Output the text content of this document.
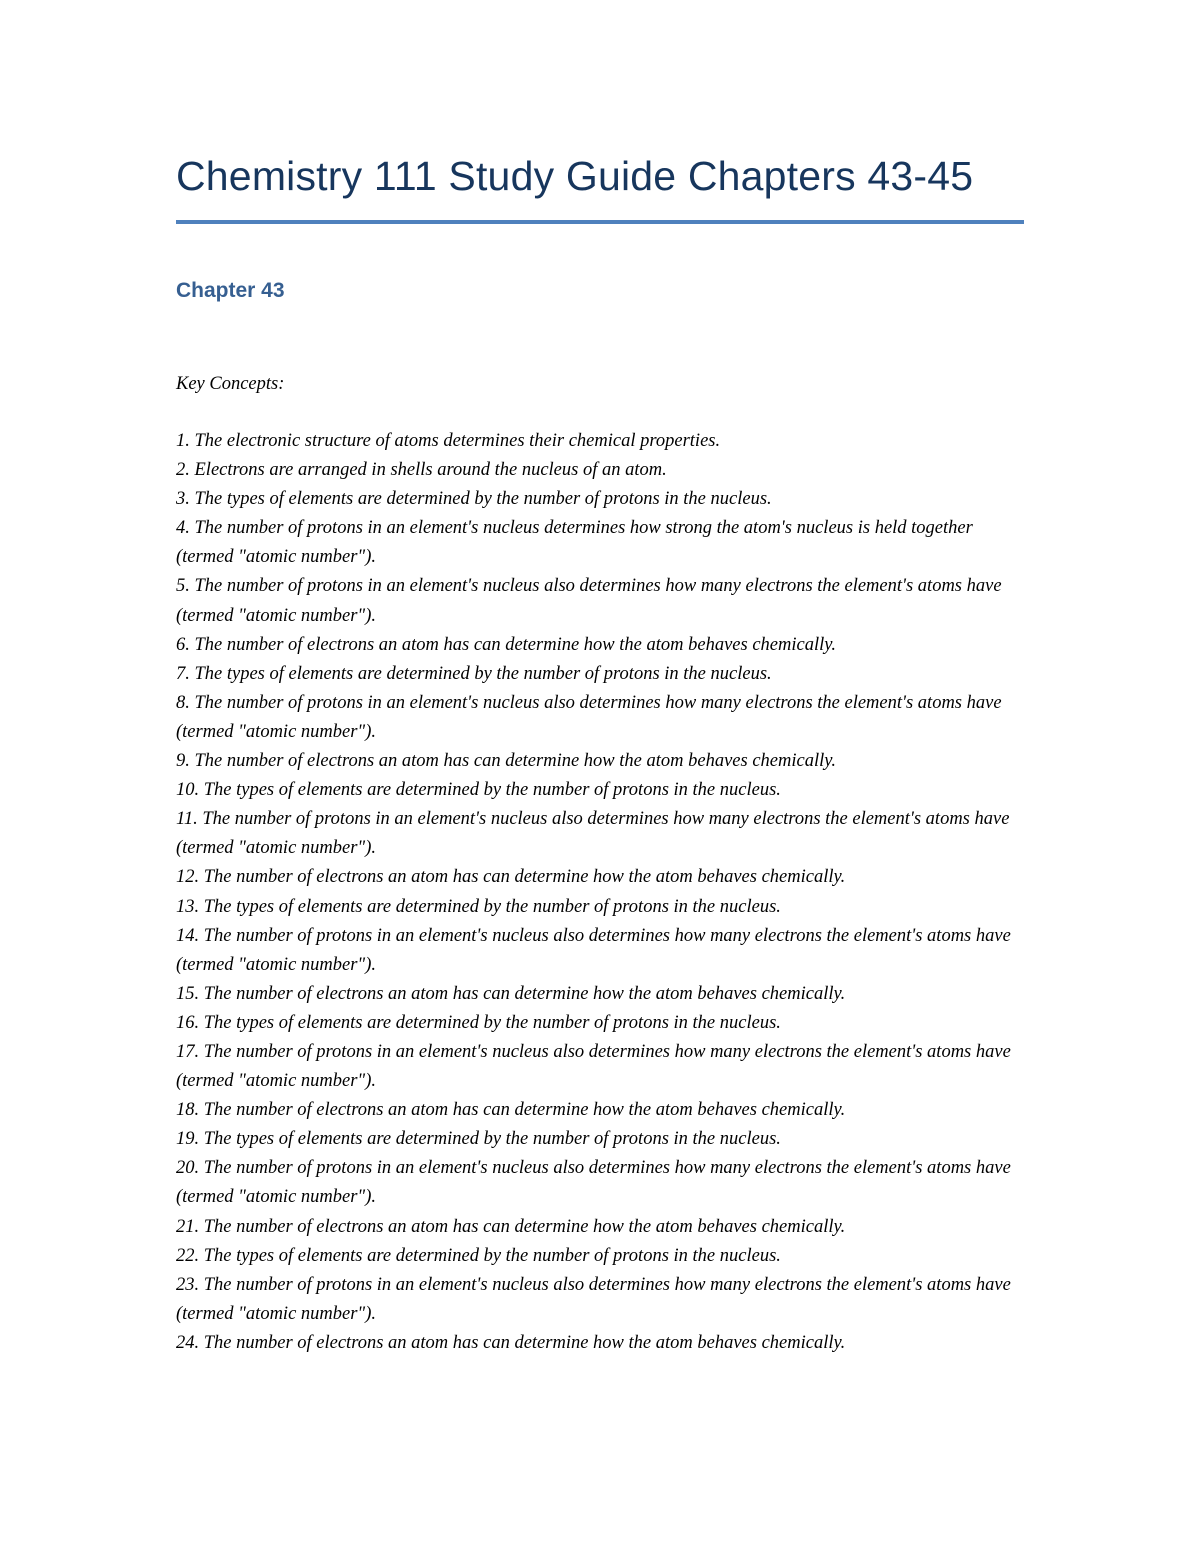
Chemistry 111 Study Guide Chapters 43-45
Chapter 43

Key Concepts:

1. The electronic structure of atoms determines their chemical properties.
2. Electrons are arranged in shells around the nucleus of an atom.
3. The types of elements are determined by the number of protons in the nucleus.
4. The number of protons in an element's nucleus determines how strong the atom's nucleus is held together (termed "atomic number").
5. The number of protons in an element's nucleus also determines how many electrons the element's atoms have (termed "atomic number").
6. The number of electrons an atom has can determine how the atom behaves chemically.
7. The types of elements are determined by the number of protons in the nucleus.
8. The number of protons in an element's nucleus also determines how many electrons the element's atoms have (termed "atomic number").
9. The number of electrons an atom has can determine how the atom behaves chemically.
10. The types of elements are determined by the number of protons in the nucleus.
11. The number of protons in an element's nucleus also determines how many electrons the element's atoms have (termed "atomic number").
12. The number of electrons an atom has can determine how the atom behaves chemically.
13. The types of elements are determined by the number of protons in the nucleus.
14. The number of protons in an element's nucleus also determines how many electrons the element's atoms have (termed "atomic number").
15. The number of electrons an atom has can determine how the atom behaves chemically.
16. The types of elements are determined by the number of protons in the nucleus.
17. The number of protons in an element's nucleus also determines how many electrons the element's atoms have (termed "atomic number").
18. The number of electrons an atom has can determine how the atom behaves chemically.
19. The types of elements are determined by the number of protons in the nucleus.
20. The number of protons in an element's nucleus also determines how many electrons the element's atoms have (termed "atomic number").
21. The number of electrons an atom has can determine how the atom behaves chemically.
22. The types of elements are determined by the number of protons in the nucleus.
23. The number of protons in an element's nucleus also determines how many electrons the element's atoms have (termed "atomic number").
24. The number of electrons an atom has can determine how the atom behaves chemically.
